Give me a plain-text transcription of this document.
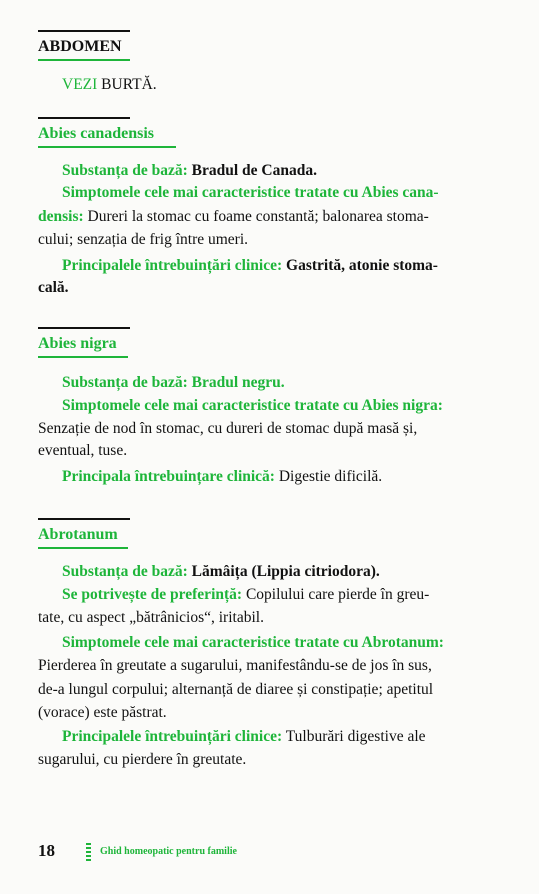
ABDOMEN
VEZI BURTĂ.
Abies canadensis
Substanța de bază: Bradul de Canada.
Simptomele cele mai caracteristice tratate cu Abies cana-
densis: Dureri la stomac cu foame constantă; balonarea stoma-
cului; senzația de frig între umeri.
Principalele întrebuințări clinice: Gastrită, atonie stoma-
cală.
Abies nigra
Substanța de bază: Bradul negru.
Simptomele cele mai caracteristice tratate cu Abies nigra:
Senzație de nod în stomac, cu dureri de stomac după masă și,
eventual, tuse.
Principala întrebuințare clinică: Digestie dificilă.
Abrotanum
Substanța de bază: Lămâița (Lippia citriodora).
Se potrivește de preferință: Copilului care pierde în greu-
tate, cu aspect „bătrânicios“, iritabil.
Simptomele cele mai caracteristice tratate cu Abrotanum:
Pierderea în greutate a sugarului, manifestându-se de jos în sus,
de-a lungul corpului; alternanță de diaree și constipație; apetitul
(vorace) este păstrat.
Principalele întrebuințări clinice: Tulburări digestive ale
sugarului, cu pierdere în greutate.
18	Ghid homeopatic pentru familie
